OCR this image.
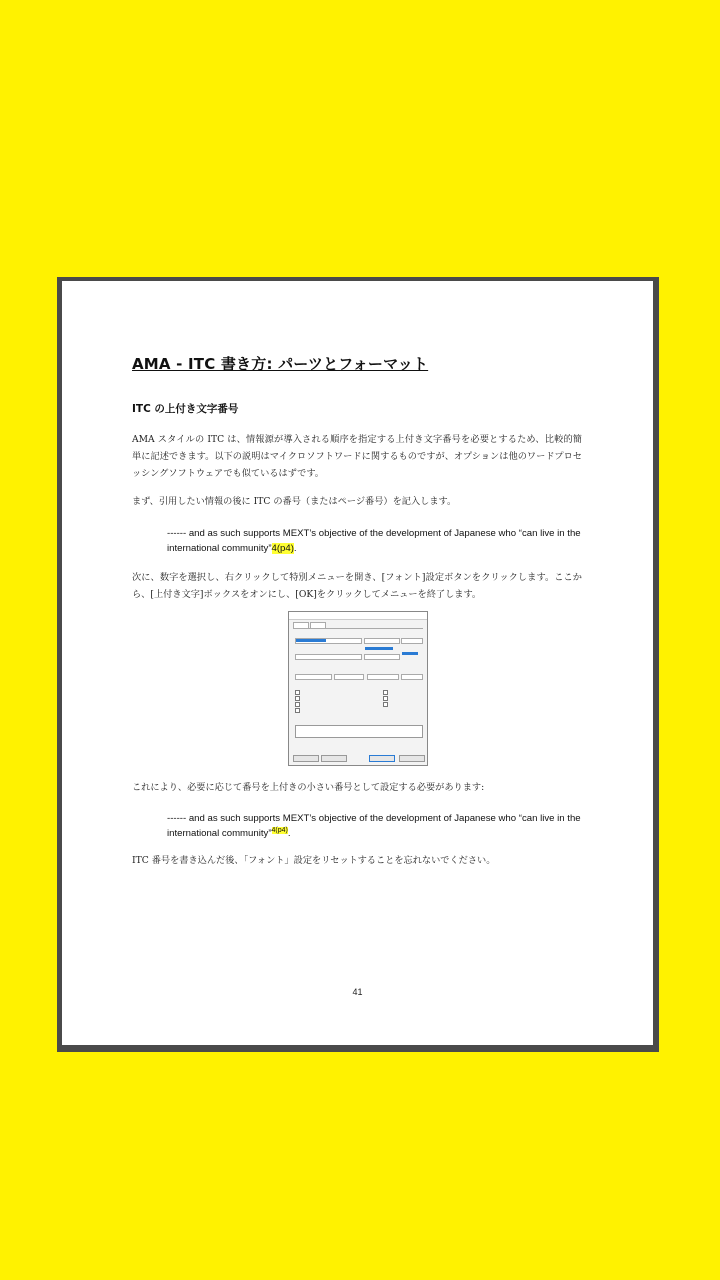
AMA - ITC 書き方: パーツとフォーマット
ITC の上付き文字番号
AMA スタイルの ITC は、情報源が導入される順序を指定する上付き文字番号を必要とするため、比較的簡単に記述できます。以下の説明はマイクロソフトワードに関するものですが、オプションは他のワードプロセッシングソフトウェアでも似ているはずです。
まず、引用したい情報の後に ITC の番号（またはページ番号）を記入します。
------ and as such supports MEXT’s objective of the development of Japanese who “can live in the international community”4(p4).
次に、数字を選択し、右クリックして特別メニューを開き、[フォント]設定ボタンをクリックします。ここから、[上付き文字]ボックスをオンにし、[OK]をクリックしてメニューを終了します。
これにより、必要に応じて番号を上付きの小さい番号として設定する必要があります:
------ and as such supports MEXT’s objective of the development of Japanese who “can live in the international community”$^{4(p4)}$.
ITC 番号を書き込んだ後、「フォント」設定をリセットすることを忘れないでください。
41
